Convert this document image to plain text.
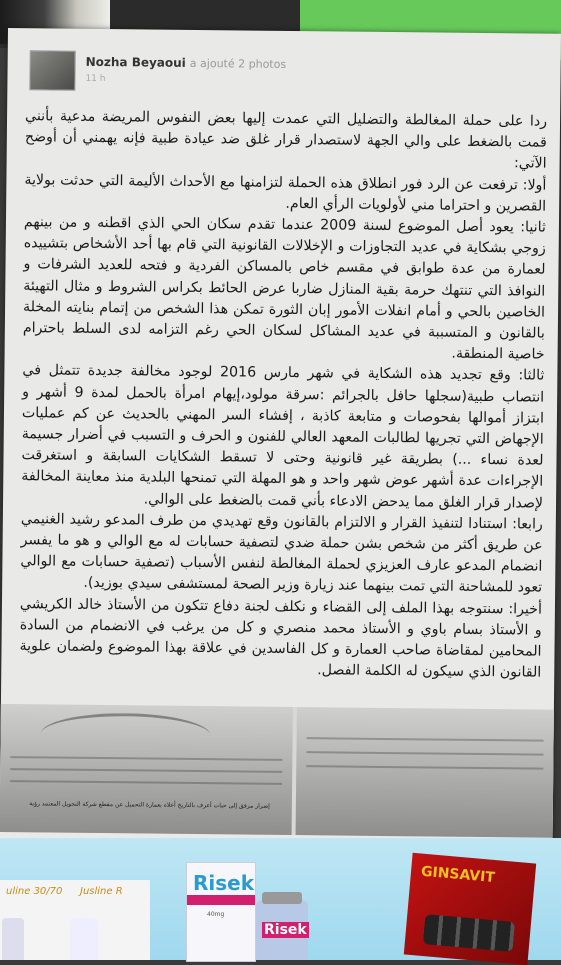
Nozha Beyaoui a ajouté 2 photos
11 h

ردا على حملة المغالطة والتضليل التي عمدت إليها بعض النفوس المريضة مدعية بأنني قمت بالضغط على والي الجهة لاستصدار قرار غلق ضد عيادة طبية فإنه يهمني أن أوضح الآتي:

أولا: ترفعت عن الرد فور انطلاق هذه الحملة لتزامنها مع الأحداث الأليمة التي حدثت بولاية القصرين و احتراما مني لأولويات الرأي العام.

ثانيا: يعود أصل الموضوع لسنة 2009 عندما تقدم سكان الحي الذي اقطنه و من بينهم زوجي بشكاية في عديد التجاوزات و الإخلالات القانونية التي قام بها أحد الأشخاص بتشييده لعمارة من عدة طوابق في مقسم خاص بالمساكن الفردية و فتحه للعديد الشرفات و النوافذ التي تنتهك حرمة بقية المنازل ضاربا عرض الحائط بكراس الشروط و مثال التهيئة الخاصين بالحي و أمام انفلات الأمور إبان الثورة تمكن هذا الشخص من إتمام بنايته المخلة بالقانون و المتسببة في عديد المشاكل لسكان الحي رغم التزامه لدى السلط باحترام خاصية المنطقة.

ثالثا: وقع تجديد هذه الشكاية في شهر مارس 2016 لوجود مخالفة جديدة تتمثل في انتصاب طبية(سجلها حافل بالجرائم :سرقة مولود،إيهام امرأة بالحمل لمدة 9 أشهر و ابتزاز أموالها بفحوصات و متابعة كاذبة ، إفشاء السر المهني بالحديث عن كم عمليات الإجهاض التي تجريها لطالبات المعهد العالي للفنون و الحرف و التسبب في أضرار جسيمة لعدة نساء ...) بطريقة غير قانونية وحتى لا تسقط الشكايات السابقة و استغرقت الإجراءات عدة أشهر عوض شهر واحد و هو المهلة التي تمنحها البلدية منذ معاينة المخالفة لإصدار قرار الغلق مما يدحض الادعاء بأني قمت بالضغط على الوالي.

رابعا: استنادا لتنفيذ القرار و الالتزام بالقانون وقع تهديدي من طرف المدعو رشيد الغنيمي عن طريق أكثر من شخص بشن حملة ضدي لتصفية حسابات له مع الوالي و هو ما يفسر انضمام المدعو عارف العزيزي لحملة المغالطة لنفس الأسباب (تصفية حسابات مع الوالي تعود للمشاحنة التي تمت بينهما عند زيارة وزير الصحة لمستشفى سيدي بوزيد).

أخيرا: سنتوجه بهذا الملف إلى القضاء و نكلف لجنة دفاع تتكون من الأستاذ خالد الكريشي و الأستاذ بسام باوي و الأستاذ محمد منصري و كل من يرغب في الانضمام من السادة المحامين لمقاضاة صاحب العمارة و كل الفاسدين في علاقة بهذا الموضوع ولضمان علوية القانون الذي سيكون له الكلمة الفصل.

إضرار مرفق إلى حيات أعرف بالتاريخ أعلاه بعمارة التحميل عن مقطع شركة التحويل المعتمد رؤية
uline 30/70 Jusline R	Risek
40mg
Risek
GINSAVIT
